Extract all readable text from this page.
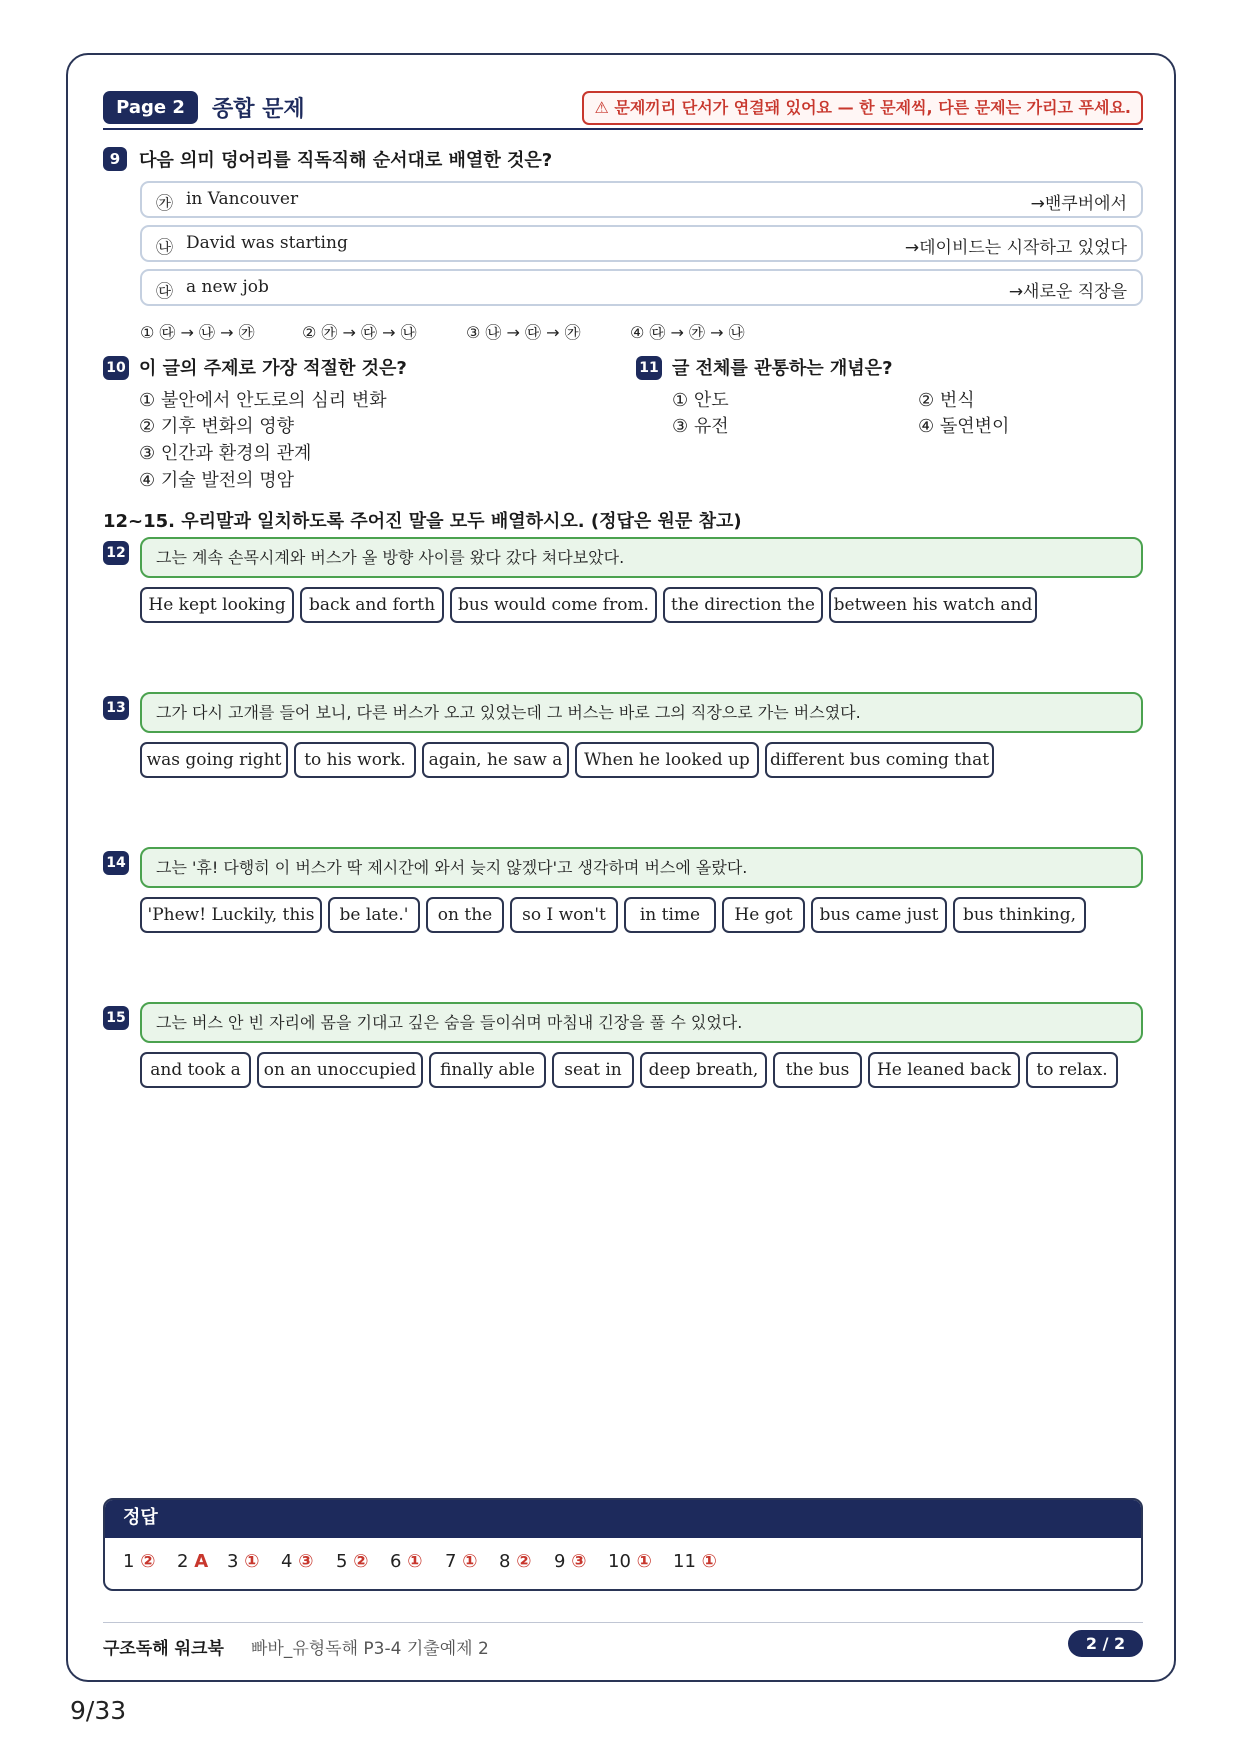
Page 2	종합 문제	⚠ 문제끼리 단서가 연결돼 있어요 — 한 문제씩, 다른 문제는 가리고 푸세요.
9	다음 의미 덩어리를 직독직해 순서대로 배열한 것은?
㉮ in Vancouver	→밴쿠버에서
㉯ David was starting	→데이비드는 시작하고 있었다
㉰ a new job	→새로운 직장을
① ㉰ → ㉯ → ㉮	② ㉮ → ㉰ → ㉯	③ ㉯ → ㉰ → ㉮	④ ㉰ → ㉮ → ㉯
10 이 글의 주제로 가장 적절한 것은?
① 불안에서 안도로의 심리 변화
② 기후 변화의 영향
③ 인간과 환경의 관계
④ 기술 발전의 명암
11 글 전체를 관통하는 개념은?
① 안도	② 번식
③ 유전	④ 돌연변이
12~15. 우리말과 일치하도록 주어진 말을 모두 배열하시오. (정답은 원문 참고)
12	그는 계속 손목시계와 버스가 올 방향 사이를 왔다 갔다 쳐다보았다.
He kept looking	back and forth	bus would come from.	the direction the	between his watch and
13	그가 다시 고개를 들어 보니, 다른 버스가 오고 있었는데 그 버스는 바로 그의 직장으로 가는 버스였다.
was going right	to his work.	again, he saw a	When he looked up	different bus coming that
14	그는 '휴! 다행히 이 버스가 딱 제시간에 와서 늦지 않겠다'고 생각하며 버스에 올랐다.
'Phew! Luckily, this	be late.'	on the	so I won't	in time	He got	bus came just	bus thinking,
15	그는 버스 안 빈 자리에 몸을 기대고 깊은 숨을 들이쉬며 마침내 긴장을 풀 수 있었다.
and took a	on an unoccupied	finally able	seat in	deep breath,	the bus	He leaned back	to relax.
정답
1 ② 2 A 3 ① 4 ③ 5 ② 6 ① 7 ① 8 ② 9 ③ 10 ① 11 ①
구조독해 워크북 빠바_유형독해 P3-4 기출예제 2	2 / 2
9/33
